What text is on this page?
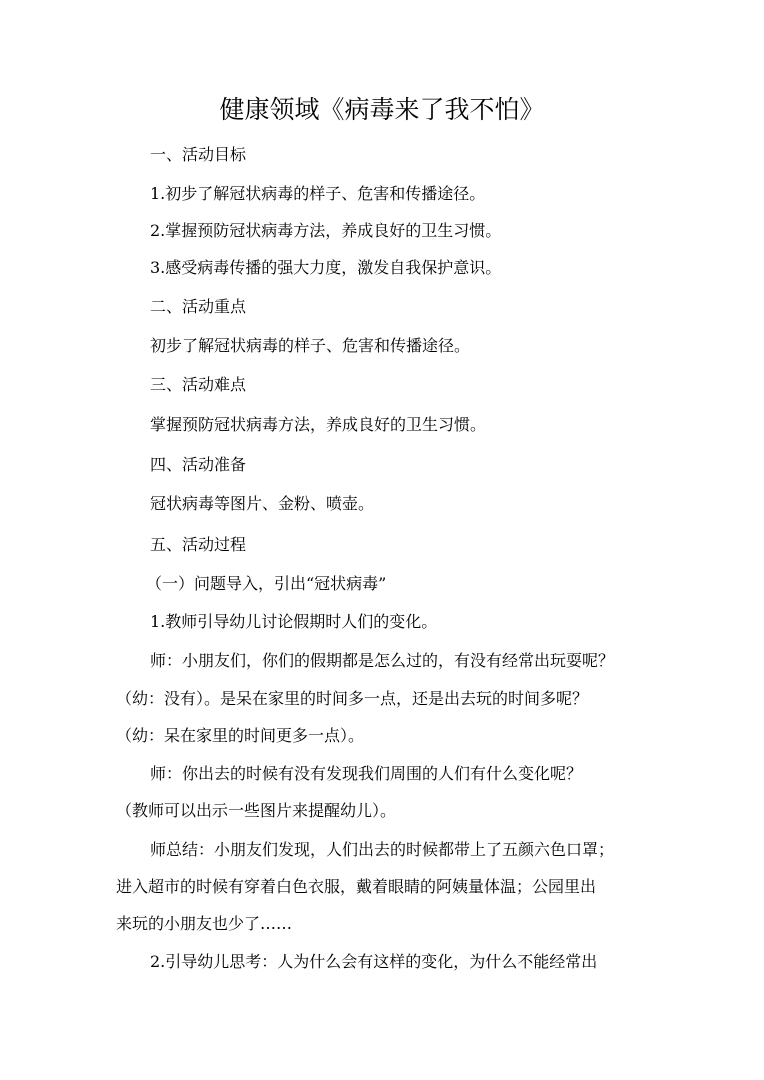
健康领域《病毒来了我不怕》
一、活动目标
1.初步了解冠状病毒的样子、危害和传播途径。
2.掌握预防冠状病毒方法，养成良好的卫生习惯。
3.感受病毒传播的强大力度，激发自我保护意识。
二、活动重点
初步了解冠状病毒的样子、危害和传播途径。
三、活动难点
掌握预防冠状病毒方法，养成良好的卫生习惯。
四、活动准备
冠状病毒等图片、金粉、喷壶。
五、活动过程
（一）问题导入，引出“冠状病毒”
1.教师引导幼儿讨论假期时人们的变化。
师：小朋友们，你们的假期都是怎么过的，有没有经常出玩耍呢？
（幼：没有）。是呆在家里的时间多一点，还是出去玩的时间多呢？
（幼：呆在家里的时间更多一点）。
师：你出去的时候有没有发现我们周围的人们有什么变化呢？
（教师可以出示一些图片来提醒幼儿）。
师总结：小朋友们发现，人们出去的时候都带上了五颜六色口罩；
进入超市的时候有穿着白色衣服，戴着眼睛的阿姨量体温；公园里出
来玩的小朋友也少了……
2.引导幼儿思考：人为什么会有这样的变化，为什么不能经常出
